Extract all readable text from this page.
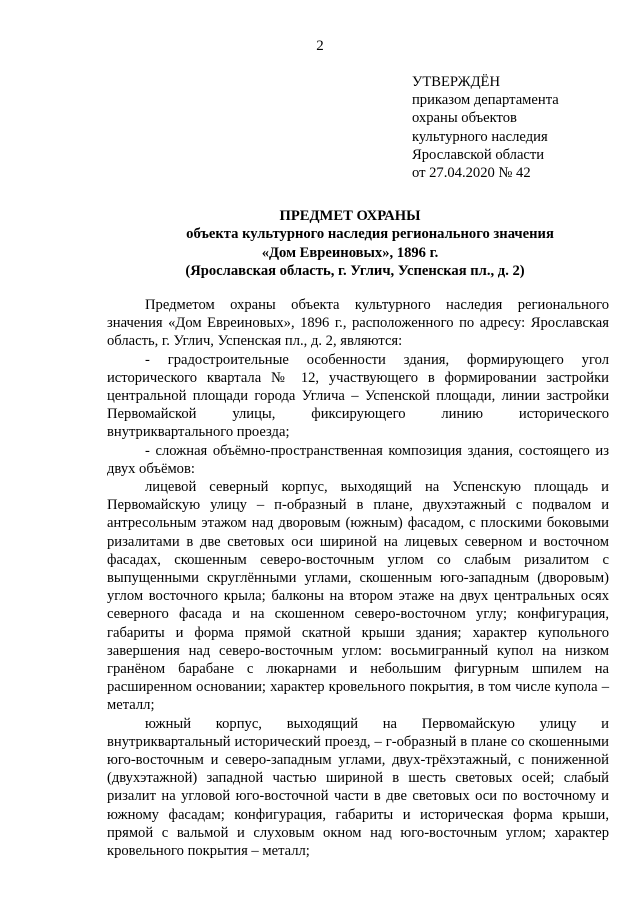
2
УТВЕРЖДЁН
приказом департамента
охраны объектов
культурного наследия
Ярославской области
от 27.04.2020 № 42
ПРЕДМЕТ ОХРАНЫ
объекта культурного наследия регионального значения
«Дом Евреиновых», 1896 г.
(Ярославская область, г. Углич, Успенская пл., д. 2)

Предметом охраны объекта культурного наследия регионального значения «Дом Евреиновых», 1896 г., расположенного по адресу: Ярославская область, г. Углич, Успенская пл., д. 2, являются:

- градостроительные особенности здания, формирующего угол исторического квартала № 12, участвующего в формировании застройки центральной площади города Углича – Успенской площади, линии застройки Первомайской улицы, фиксирующего линию исторического внутриквартального проезда;

- сложная объёмно-пространственная композиция здания, состоящего из двух объёмов:

лицевой северный корпус, выходящий на Успенскую площадь и Первомайскую улицу – п-образный в плане, двухэтажный с подвалом и антресольным этажом над дворовым (южным) фасадом, с плоскими боковыми ризалитами в две световых оси шириной на лицевых северном и восточном фасадах, скошенным северо-восточным углом со слабым ризалитом с выпущенными скруглёнными углами, скошенным юго-западным (дворовым) углом восточного крыла; балконы на втором этаже на двух центральных осях северного фасада и на скошенном северо-восточном углу; конфигурация, габариты и форма прямой скатной крыши здания; характер купольного завершения над северо-восточным углом: восьмигранный купол на низком гранёном барабане с люкарнами и небольшим фигурным шпилем на расширенном основании; характер кровельного покрытия, в том числе купола – металл;

южный корпус, выходящий на Первомайскую улицу и внутриквартальный исторический проезд, – г-образный в плане со скошенными юго-восточным и северо-западным углами, двух-трёхэтажный, с пониженной (двухэтажной) западной частью шириной в шесть световых осей; слабый ризалит на угловой юго-восточной части в две световых оси по восточному и южному фасадам; конфигурация, габариты и историческая форма крыши, прямой с вальмой и слуховым окном над юго-восточным углом; характер кровельного покрытия – металл;
